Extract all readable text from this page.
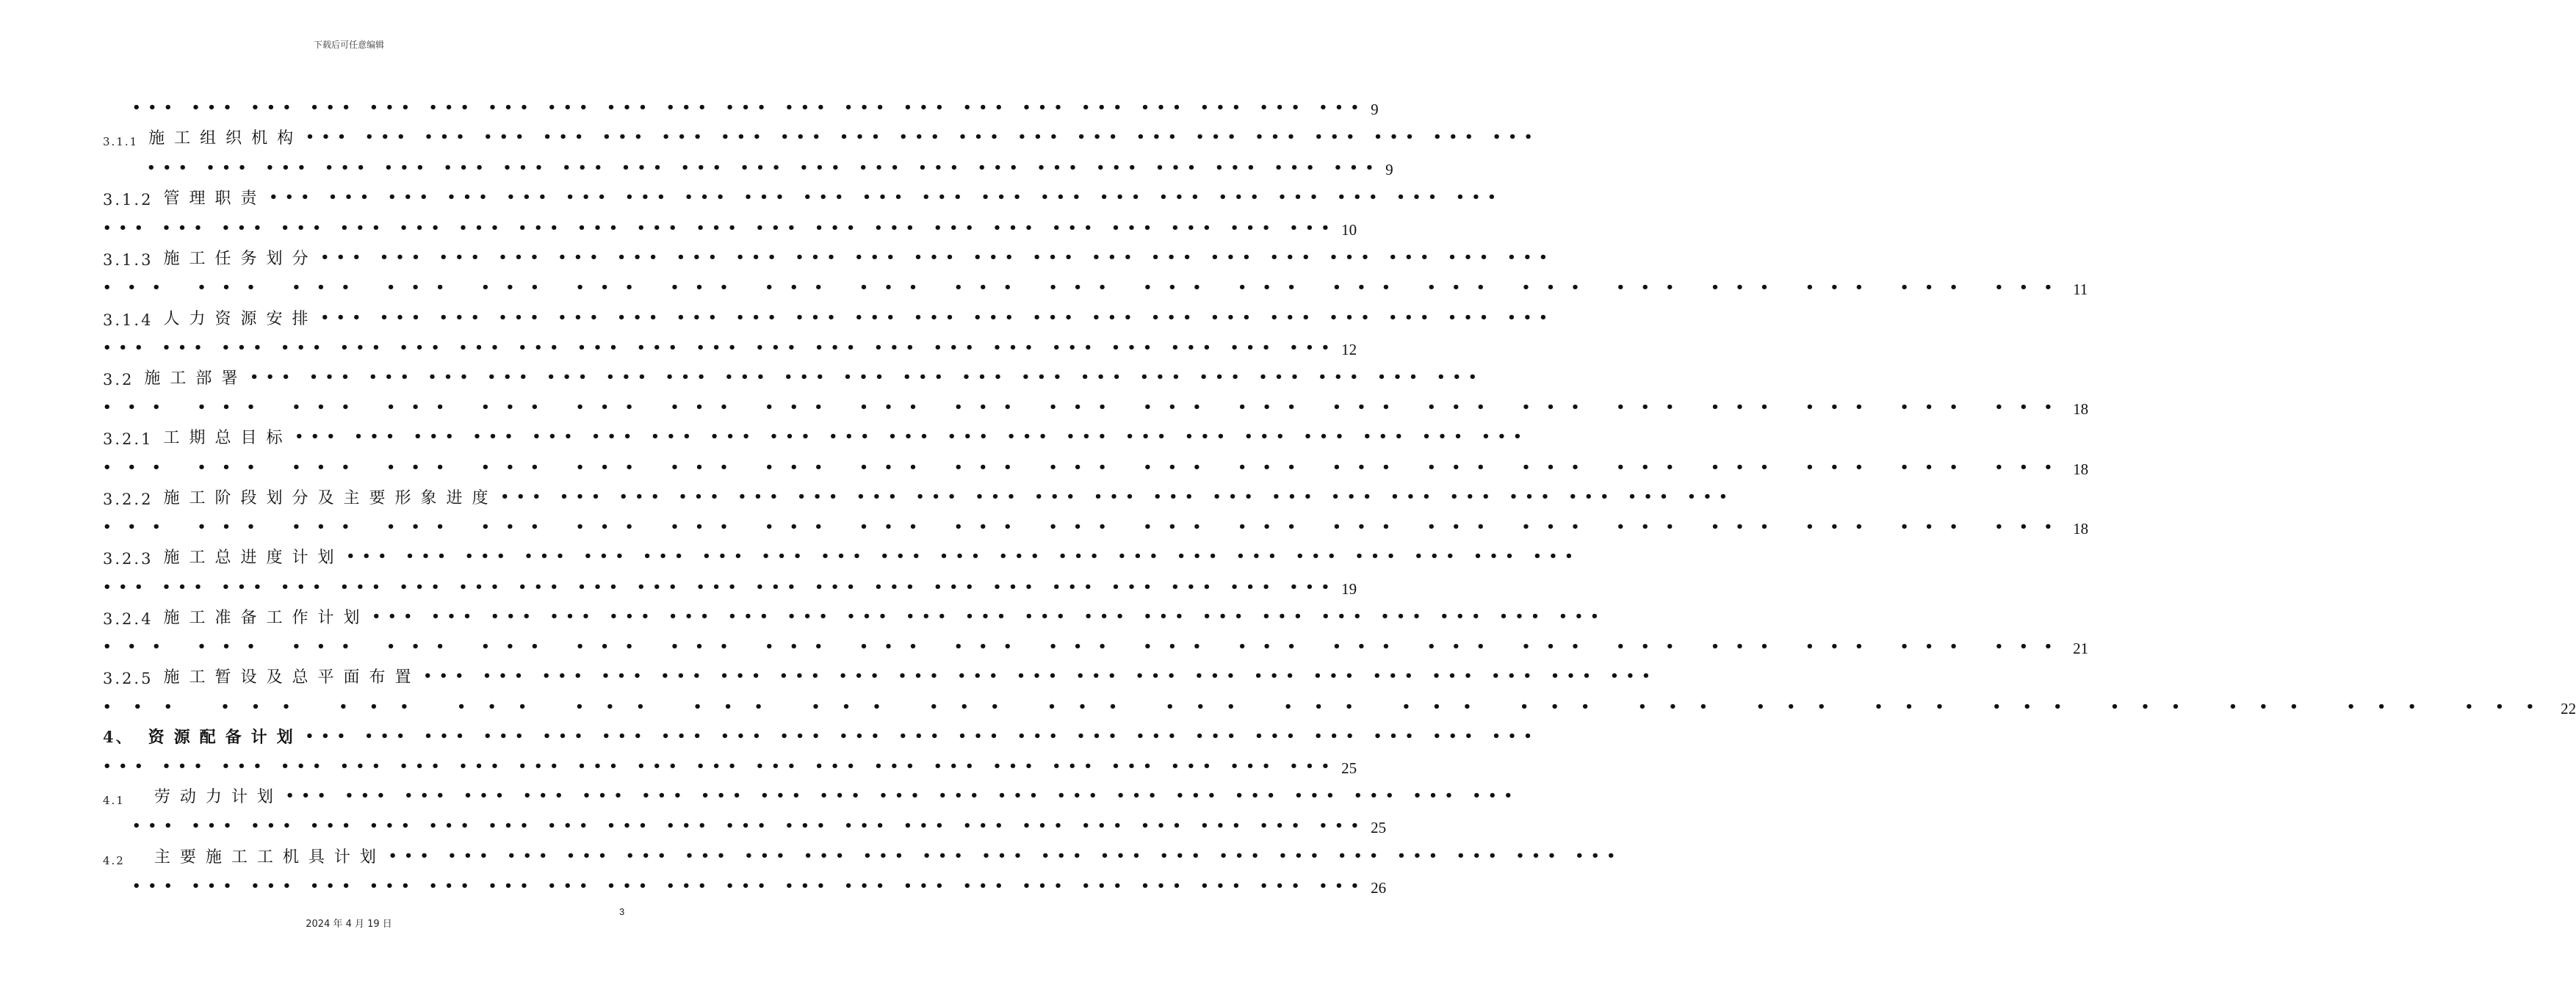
下载后可任意编辑
••• ••• ••• ••• ••• ••• ••• ••• ••• ••• ••• ••• ••• ••• ••• ••• ••• ••• ••• ••• ••• 9
3.1.1 施工组织机构 ••• ••• ••• ••• ••• ••• ••• ••• ••• ••• ••• ••• ••• ••• ••• ••• ••• ••• ••• ••• •••
••• ••• ••• ••• ••• ••• ••• ••• ••• ••• ••• ••• ••• ••• ••• ••• ••• ••• ••• ••• ••• 9
3.1.2 管理职责 ••• ••• ••• ••• ••• ••• ••• ••• ••• ••• ••• ••• ••• ••• ••• ••• ••• ••• ••• ••• •••
••• ••• ••• ••• ••• ••• ••• ••• ••• ••• ••• ••• ••• ••• ••• ••• ••• ••• ••• ••• ••• 10
3.1.3 施工任务划分 ••• ••• ••• ••• ••• ••• ••• ••• ••• ••• ••• ••• ••• ••• ••• ••• ••• ••• ••• ••• •••
••• ••• ••• ••• ••• ••• ••• ••• ••• ••• ••• ••• ••• ••• ••• ••• ••• ••• ••• ••• ••• 11
3.1.4 人力资源安排 ••• ••• ••• ••• ••• ••• ••• ••• ••• ••• ••• ••• ••• ••• ••• ••• ••• ••• ••• ••• •••
••• ••• ••• ••• ••• ••• ••• ••• ••• ••• ••• ••• ••• ••• ••• ••• ••• ••• ••• ••• ••• 12
3.2 施工部署 ••• ••• ••• ••• ••• ••• ••• ••• ••• ••• ••• ••• ••• ••• ••• ••• ••• ••• ••• ••• •••
••• ••• ••• ••• ••• ••• ••• ••• ••• ••• ••• ••• ••• ••• ••• ••• ••• ••• ••• ••• ••• 18
3.2.1 工期总目标 ••• ••• ••• ••• ••• ••• ••• ••• ••• ••• ••• ••• ••• ••• ••• ••• ••• ••• ••• ••• •••
••• ••• ••• ••• ••• ••• ••• ••• ••• ••• ••• ••• ••• ••• ••• ••• ••• ••• ••• ••• ••• 18
3.2.2 施工阶段划分及主要形象进度 ••• ••• ••• ••• ••• ••• ••• ••• ••• ••• ••• ••• ••• ••• ••• ••• ••• ••• ••• ••• •••
••• ••• ••• ••• ••• ••• ••• ••• ••• ••• ••• ••• ••• ••• ••• ••• ••• ••• ••• ••• ••• 18
3.2.3 施工总进度计划 ••• ••• ••• ••• ••• ••• ••• ••• ••• ••• ••• ••• ••• ••• ••• ••• ••• ••• ••• ••• •••
••• ••• ••• ••• ••• ••• ••• ••• ••• ••• ••• ••• ••• ••• ••• ••• ••• ••• ••• ••• ••• 19
3.2.4 施工准备工作计划 ••• ••• ••• ••• ••• ••• ••• ••• ••• ••• ••• ••• ••• ••• ••• ••• ••• ••• ••• ••• •••
••• ••• ••• ••• ••• ••• ••• ••• ••• ••• ••• ••• ••• ••• ••• ••• ••• ••• ••• ••• ••• 21
3.2.5 施工暂设及总平面布置 ••• ••• ••• ••• ••• ••• ••• ••• ••• ••• ••• ••• ••• ••• ••• ••• ••• ••• ••• ••• •••
••• ••• ••• ••• ••• ••• ••• ••• ••• ••• ••• ••• ••• ••• ••• ••• ••• ••• ••• ••• ••• 22
4、 资源配备计划 ••• ••• ••• ••• ••• ••• ••• ••• ••• ••• ••• ••• ••• ••• ••• ••• ••• ••• ••• ••• •••
••• ••• ••• ••• ••• ••• ••• ••• ••• ••• ••• ••• ••• ••• ••• ••• ••• ••• ••• ••• ••• 25
4.1 劳动力计划 ••• ••• ••• ••• ••• ••• ••• ••• ••• ••• ••• ••• ••• ••• ••• ••• ••• ••• ••• ••• •••
••• ••• ••• ••• ••• ••• ••• ••• ••• ••• ••• ••• ••• ••• ••• ••• ••• ••• ••• ••• ••• 25
4.2 主要施工工机具计划 ••• ••• ••• ••• ••• ••• ••• ••• ••• ••• ••• ••• ••• ••• ••• ••• ••• ••• ••• ••• •••
••• ••• ••• ••• ••• ••• ••• ••• ••• ••• ••• ••• ••• ••• ••• ••• ••• ••• ••• ••• ••• 26
3
2024 年 4 月 19 日
